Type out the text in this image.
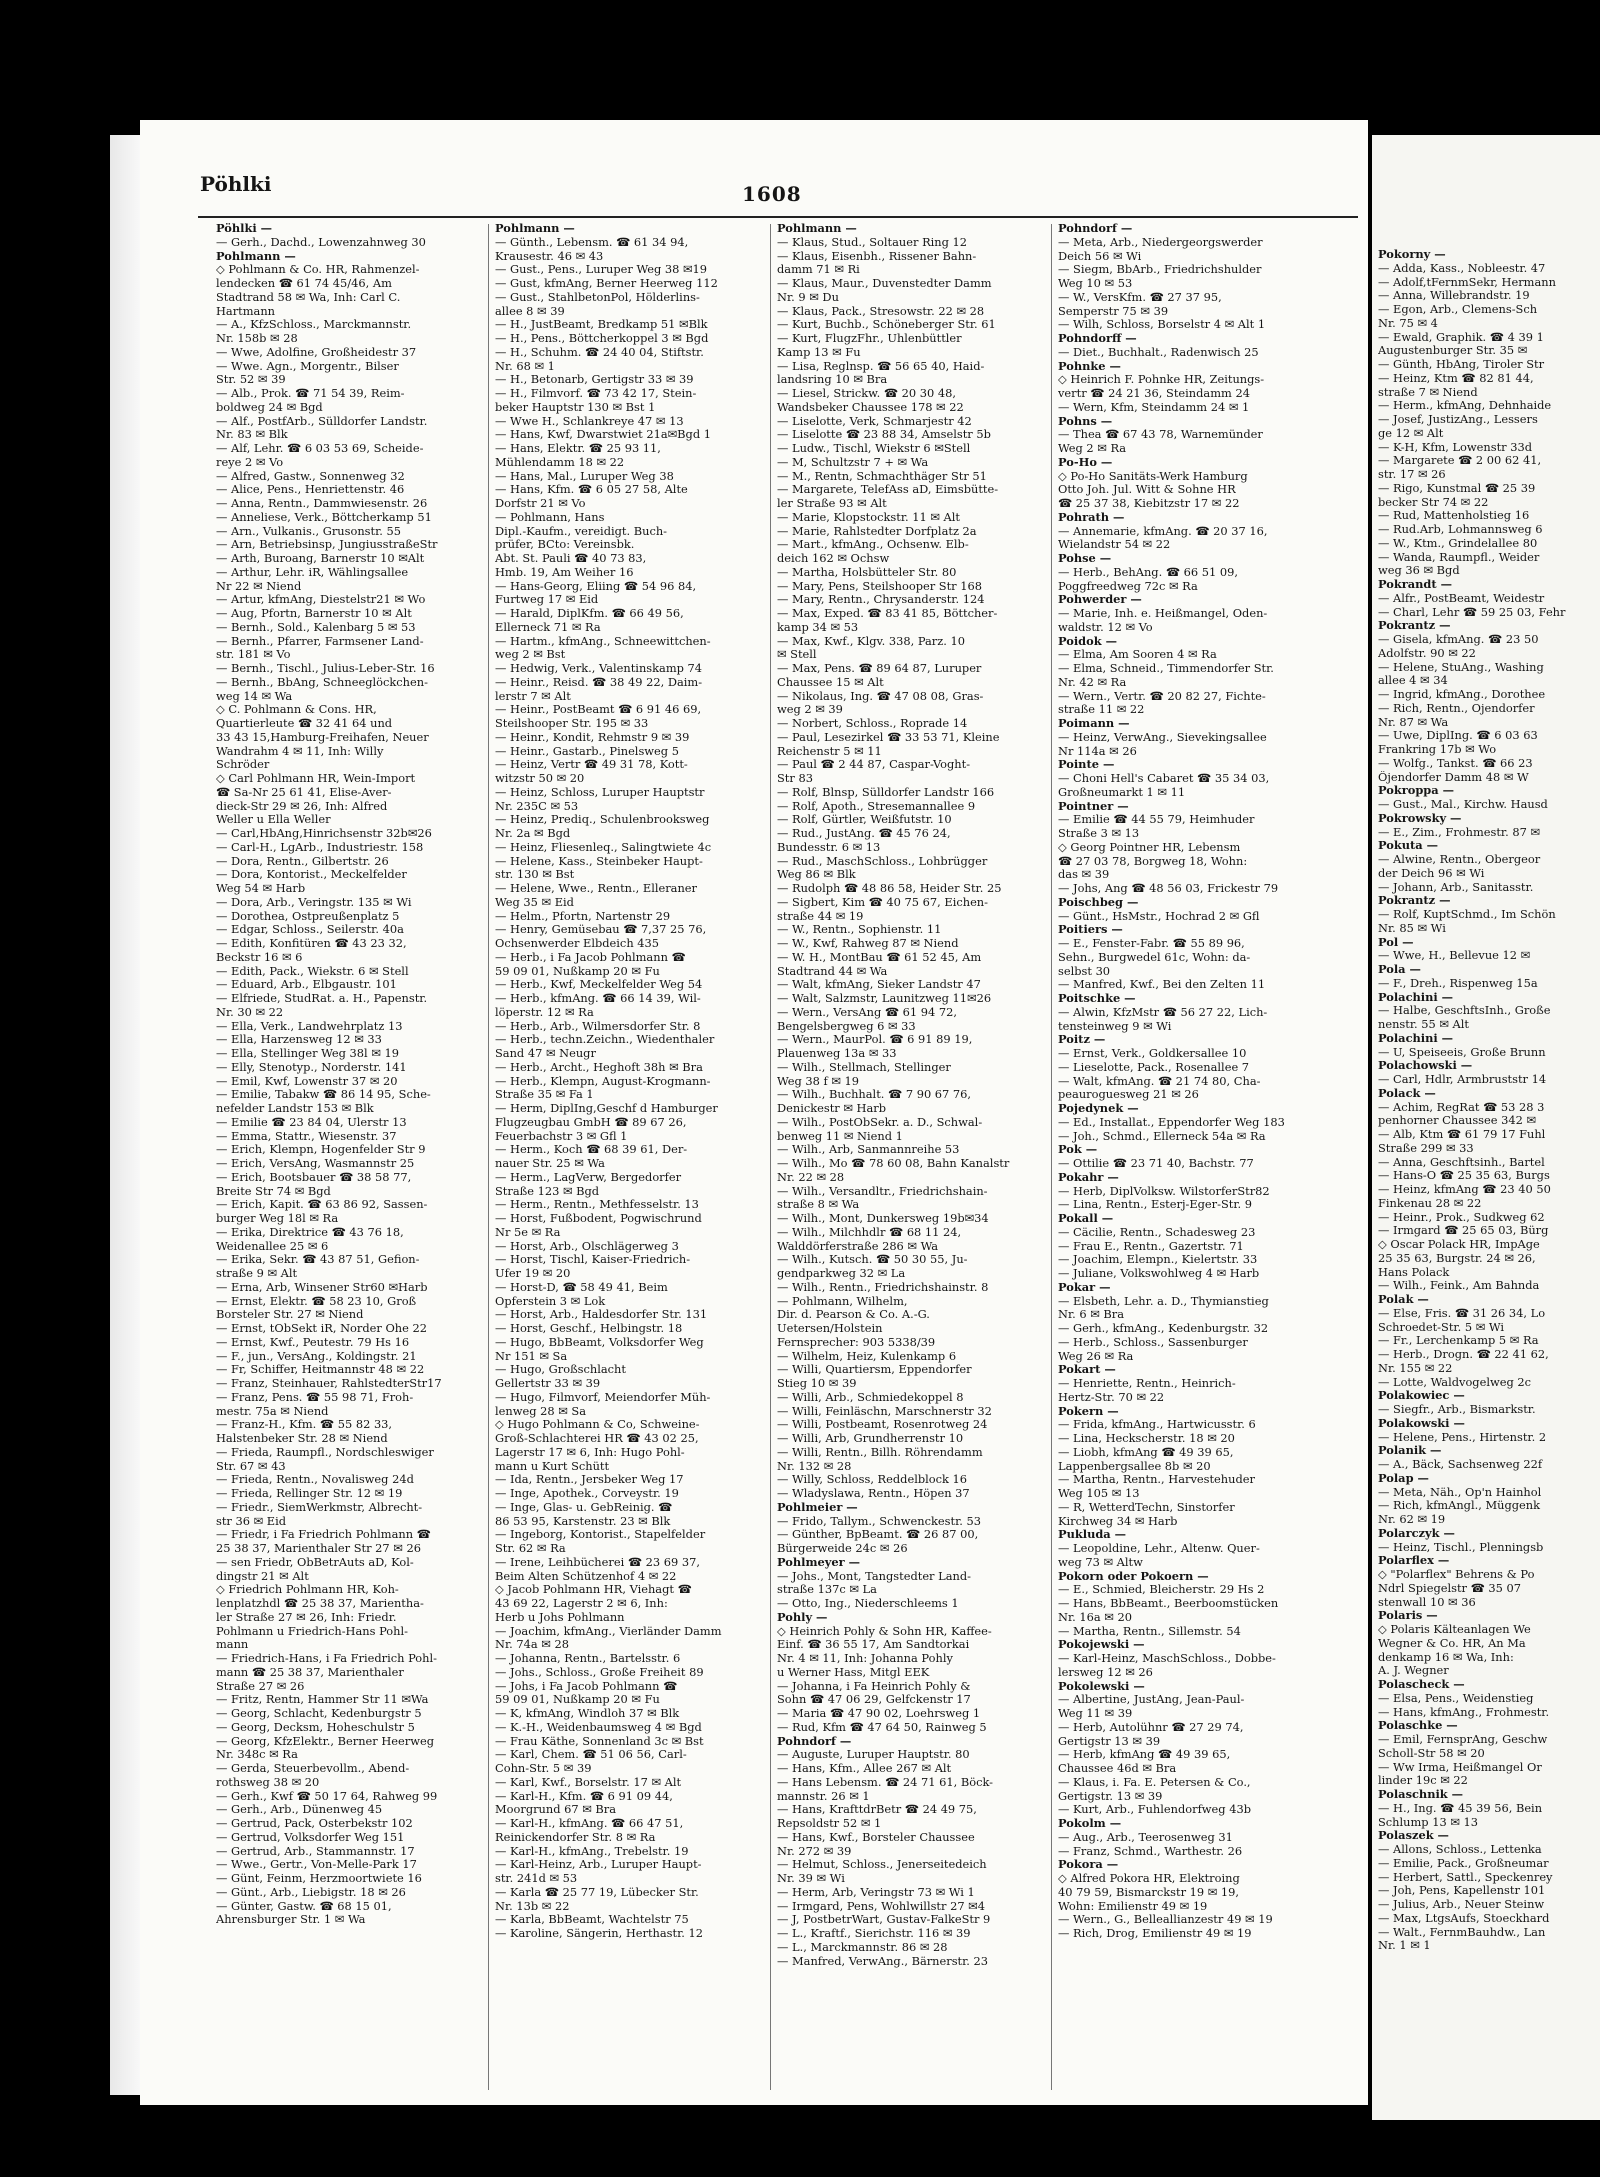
Pöhlki	1608

Pöhlki —

— Gerh., Dachd., Lowenzahnweg 30

Pohlmann —

◇ Pohlmann & Co. HR, Rahmenzel-

lendecken ☎ 61 74 45/46, Am

Stadtrand 58 ✉ Wa, Inh: Carl C.

Hartmann

— A., KfzSchloss., Marckmannstr.

Nr. 158b ✉ 28

— Wwe, Adolfine, Großheidestr 37

— Wwe. Agn., Morgentr., Bilser

Str. 52 ✉ 39

— Alb., Prok. ☎ 71 54 39, Reim-

boldweg 24 ✉ Bgd

— Alf., PostfArb., Sülldorfer Landstr.

Nr. 83 ✉ Blk

— Alf, Lehr. ☎ 6 03 53 69, Scheide-

reye 2 ✉ Vo

— Alfred, Gastw., Sonnenweg 32

— Alice, Pens., Henriettenstr. 46

— Anna, Rentn., Dammwiesenstr. 26

— Anneliese, Verk., Böttcherkamp 51

— Arn., Vulkanis., Grusonstr. 55

— Arn, Betriebsinsp, JungiusstraßeStr

— Arth, Buroang, Barnerstr 10 ✉Alt

— Arthur, Lehr. iR, Wählingsallee

Nr 22 ✉ Niend

— Artur, kfmAng, Diestelstr21 ✉ Wo

— Aug, Pfortn, Barnerstr 10 ✉ Alt

— Bernh., Sold., Kalenbarg 5 ✉ 53

— Bernh., Pfarrer, Farmsener Land-

str. 181 ✉ Vo

— Bernh., Tischl., Julius-Leber-Str. 16

— Bernh., BbAng, Schneeglöckchen-

weg 14 ✉ Wa

◇ C. Pohlmann & Cons. HR,

Quartierleute ☎ 32 41 64 und

33 43 15,Hamburg-Freihafen, Neuer

Wandrahm 4 ✉ 11, Inh: Willy

Schröder

◇ Carl Pohlmann HR, Wein-Import

☎ Sa-Nr 25 61 41, Elise-Aver-

dieck-Str 29 ✉ 26, Inh: Alfred

Weller u Ella Weller

— Carl,HbAng,Hinrichsenstr 32b✉26

— Carl-H., LgArb., Industriestr. 158

— Dora, Rentn., Gilbertstr. 26

— Dora, Kontorist., Meckelfelder

Weg 54 ✉ Harb

— Dora, Arb., Veringstr. 135 ✉ Wi

— Dorothea, Ostpreußenplatz 5

— Edgar, Schloss., Seilerstr. 40a

— Edith, Konfitüren ☎ 43 23 32,

Beckstr 16 ✉ 6

— Edith, Pack., Wiekstr. 6 ✉ Stell

— Eduard, Arb., Elbgaustr. 101

— Elfriede, StudRat. a. H., Papenstr.

Nr. 30 ✉ 22

— Ella, Verk., Landwehrplatz 13

— Ella, Harzensweg 12 ✉ 33

— Ella, Stellinger Weg 38l ✉ 19

— Elly, Stenotyp., Norderstr. 141

— Emil, Kwf, Lowenstr 37 ✉ 20

— Emilie, Tabakw ☎ 86 14 95, Sche-

nefelder Landstr 153 ✉ Blk

— Emilie ☎ 23 84 04, Ulerstr 13

— Emma, Stattr., Wiesenstr. 37

— Erich, Klempn, Hogenfelder Str 9

— Erich, VersAng, Wasmannstr 25

— Erich, Bootsbauer ☎ 38 58 77,

Breite Str 74 ✉ Bgd

— Erich, Kapit. ☎ 63 86 92, Sassen-

burger Weg 18l ✉ Ra

— Erika, Direktrice ☎ 43 76 18,

Weidenallee 25 ✉ 6

— Erika, Sekr. ☎ 43 87 51, Gefion-

straße 9 ✉ Alt

— Erna, Arb, Winsener Str60 ✉Harb

— Ernst, Elektr. ☎ 58 23 10, Groß

Borsteler Str. 27 ✉ Niend

— Ernst, tObSekt iR, Norder Ohe 22

— Ernst, Kwf., Peutestr. 79 Hs 16

— F., jun., VersAng., Koldingstr. 21

— Fr, Schiffer, Heitmannstr 48 ✉ 22

— Franz, Steinhauer, RahlstedterStr17

— Franz, Pens. ☎ 55 98 71, Froh-

mestr. 75a ✉ Niend

— Franz-H., Kfm. ☎ 55 82 33,

Halstenbeker Str. 28 ✉ Niend

— Frieda, Raumpfl., Nordschleswiger

Str. 67 ✉ 43

— Frieda, Rentn., Novalisweg 24d

— Frieda, Rellinger Str. 12 ✉ 19

— Friedr., SiemWerkmstr, Albrecht-

str 36 ✉ Eid

— Friedr, i Fa Friedrich Pohlmann ☎

25 38 37, Marienthaler Str 27 ✉ 26

— sen Friedr, ObBetrAuts aD, Kol-

dingstr 21 ✉ Alt

◇ Friedrich Pohlmann HR, Koh-

lenplatzhdl ☎ 25 38 37, Marientha-

ler Straße 27 ✉ 26, Inh: Friedr.

Pohlmann u Friedrich-Hans Pohl-

mann

— Friedrich-Hans, i Fa Friedrich Pohl-

mann ☎ 25 38 37, Marienthaler

Straße 27 ✉ 26

— Fritz, Rentn, Hammer Str 11 ✉Wa

— Georg, Schlacht, Kedenburgstr 5

— Georg, Decksm, Hoheschulstr 5

— Georg, KfzElektr., Berner Heerweg

Nr. 348c ✉ Ra

— Gerda, Steuerbevollm., Abend-

rothsweg 38 ✉ 20

— Gerh., Kwf ☎ 50 17 64, Rahweg 99

— Gerh., Arb., Dünenweg 45

— Gertrud, Pack, Osterbekstr 102

— Gertrud, Volksdorfer Weg 151

— Gertrud, Arb., Stammannstr. 17

— Wwe., Gertr., Von-Melle-Park 17

— Günt, Feinm, Herzmoortwiete 16

— Günt., Arb., Liebigstr. 18 ✉ 26

— Günter, Gastw. ☎ 68 15 01,

Ahrensburger Str. 1 ✉ Wa

Pohlmann —

— Günth., Lebensm. ☎ 61 34 94,

Krausestr. 46 ✉ 43

— Gust., Pens., Luruper Weg 38 ✉19

— Gust, kfmAng, Berner Heerweg 112

— Gust., StahlbetonPol, Hölderlins-

allee 8 ✉ 39

— H., JustBeamt, Bredkamp 51 ✉Blk

— H., Pens., Böttcherkoppel 3 ✉ Bgd

— H., Schuhm. ☎ 24 40 04, Stiftstr.

Nr. 68 ✉ 1

— H., Betonarb, Gertigstr 33 ✉ 39

— H., Filmvorf. ☎ 73 42 17, Stein-

beker Hauptstr 130 ✉ Bst 1

— Wwe H., Schlankreye 47 ✉ 13

— Hans, Kwf, Dwarstwiet 21a✉Bgd 1

— Hans, Elektr. ☎ 25 93 11,

Mühlendamm 18 ✉ 22

— Hans, Mal., Luruper Weg 38

— Hans, Kfm. ☎ 6 05 27 58, Alte

Dorfstr 21 ✉ Vo

— Pohlmann, Hans

Dipl.-Kaufm., vereidigt. Buch-

prüfer, BCto: Vereinsbk.

Abt. St. Pauli ☎ 40 73 83,

Hmb. 19, Am Weiher 16

— Hans-Georg, Eliing ☎ 54 96 84,

Furtweg 17 ✉ Eid

— Harald, DiplKfm. ☎ 66 49 56,

Ellerneck 71 ✉ Ra

— Hartm., kfmAng., Schneewittchen-

weg 2 ✉ Bst

— Hedwig, Verk., Valentinskamp 74

— Heinr., Reisd. ☎ 38 49 22, Daim-

lerstr 7 ✉ Alt

— Heinr., PostBeamt ☎ 6 91 46 69,

Steilshooper Str. 195 ✉ 33

— Heinr., Kondit, Rehmstr 9 ✉ 39

— Heinr., Gastarb., Pinelsweg 5

— Heinz, Vertr ☎ 49 31 78, Kott-

witzstr 50 ✉ 20

— Heinz, Schloss, Luruper Hauptstr

Nr. 235C ✉ 53

— Heinz, Prediq., Schulenbrooksweg

Nr. 2a ✉ Bgd

— Heinz, Fliesenleq., Salingtwiete 4c

— Helene, Kass., Steinbeker Haupt-

str. 130 ✉ Bst

— Helene, Wwe., Rentn., Elleraner

Weg 35 ✉ Eid

— Helm., Pfortn, Nartenstr 29

— Henry, Gemüsebau ☎ 7,37 25 76,

Ochsenwerder Elbdeich 435

— Herb., i Fa Jacob Pohlmann ☎

59 09 01, Nußkamp 20 ✉ Fu

— Herb., Kwf, Meckelfelder Weg 54

— Herb., kfmAng. ☎ 66 14 39, Wil-

löperstr. 12 ✉ Ra

— Herb., Arb., Wilmersdorfer Str. 8

— Herb., techn.Zeichn., Wiedenthaler

Sand 47 ✉ Neugr

— Herb., Archt., Heghoft 38h ✉ Bra

— Herb., Klempn, August-Krogmann-

Straße 35 ✉ Fa 1

— Herm, DiplIng,Geschf d Hamburger

Flugzeugbau GmbH ☎ 89 67 26,

Feuerbachstr 3 ✉ Gfl 1

— Herm., Koch ☎ 68 39 61, Der-

nauer Str. 25 ✉ Wa

— Herm., LagVerw, Bergedorfer

Straße 123 ✉ Bgd

— Herm., Rentn., Methfesselstr. 13

— Horst, Fußbodent, Pogwischrund

Nr 5e ✉ Ra

— Horst, Arb., Olschlägerweg 3

— Horst, Tischl, Kaiser-Friedrich-

Ufer 19 ✉ 20

— Horst-D, ☎ 58 49 41, Beim

Opferstein 3 ✉ Lok

— Horst, Arb., Haldesdorfer Str. 131

— Horst, Geschf., Helbingstr. 18

— Hugo, BbBeamt, Volksdorfer Weg

Nr 151 ✉ Sa

— Hugo, Großschlacht

Gellertstr 33 ✉ 39

— Hugo, Filmvorf, Meiendorfer Müh-

lenweg 28 ✉ Sa

◇ Hugo Pohlmann & Co, Schweine-

Groß-Schlachterei HR ☎ 43 02 25,

Lagerstr 17 ✉ 6, Inh: Hugo Pohl-

mann u Kurt Schütt

— Ida, Rentn., Jersbeker Weg 17

— Inge, Apothek., Corveystr. 19

— Inge, Glas- u. GebReinig. ☎

86 53 95, Karstenstr. 23 ✉ Blk

— Ingeborg, Kontorist., Stapelfelder

Str. 62 ✉ Ra

— Irene, Leihbücherei ☎ 23 69 37,

Beim Alten Schützenhof 4 ✉ 22

◇ Jacob Pohlmann HR, Viehagt ☎

43 69 22, Lagerstr 2 ✉ 6, Inh:

Herb u Johs Pohlmann

— Joachim, kfmAng., Vierländer Damm

Nr. 74a ✉ 28

— Johanna, Rentn., Bartelsstr. 6

— Johs., Schloss., Große Freiheit 89

— Johs, i Fa Jacob Pohlmann ☎

59 09 01, Nußkamp 20 ✉ Fu

— K, kfmAng, Windloh 37 ✉ Blk

— K.-H., Weidenbaumsweg 4 ✉ Bgd

— Frau Käthe, Sonnenland 3c ✉ Bst

— Karl, Chem. ☎ 51 06 56, Carl-

Cohn-Str. 5 ✉ 39

— Karl, Kwf., Borselstr. 17 ✉ Alt

— Karl-H., Kfm. ☎ 6 91 09 44,

Moorgrund 67 ✉ Bra

— Karl-H., kfmAng. ☎ 66 47 51,

Reinickendorfer Str. 8 ✉ Ra

— Karl-H., kfmAng., Trebelstr. 19

— Karl-Heinz, Arb., Luruper Haupt-

str. 241d ✉ 53

— Karla ☎ 25 77 19, Lübecker Str.

Nr. 13b ✉ 22

— Karla, BbBeamt, Wachtelstr 75

— Karoline, Sängerin, Herthastr. 12

Pohlmann —

— Klaus, Stud., Soltauer Ring 12

— Klaus, Eisenbh., Rissener Bahn-

damm 71 ✉ Ri

— Klaus, Maur., Duvenstedter Damm

Nr. 9 ✉ Du

— Klaus, Pack., Stresowstr. 22 ✉ 28

— Kurt, Buchb., Schöneberger Str. 61

— Kurt, FlugzFhr., Uhlenbüttler

Kamp 13 ✉ Fu

— Lisa, Reglnsp. ☎ 56 65 40, Haid-

landsring 10 ✉ Bra

— Liesel, Strickw. ☎ 20 30 48,

Wandsbeker Chaussee 178 ✉ 22

— Liselotte, Verk, Schmarjestr 42

— Liselotte ☎ 23 88 34, Amselstr 5b

— Ludw., Tischl, Wiekstr 6 ✉Stell

— M, Schultzstr 7 + ✉ Wa

— M., Rentn, Schmachthäger Str 51

— Margarete, TelefAss aD, Eimsbütte-

ler Straße 93 ✉ Alt

— Marie, Klopstockstr. 11 ✉ Alt

— Marie, Rahlstedter Dorfplatz 2a

— Mart., kfmAng., Ochsenw. Elb-

deich 162 ✉ Ochsw

— Martha, Holsbütteler Str. 80

— Mary, Pens, Steilshooper Str 168

— Mary, Rentn., Chrysanderstr. 124

— Max, Exped. ☎ 83 41 85, Böttcher-

kamp 34 ✉ 53

— Max, Kwf., Klgv. 338, Parz. 10

✉ Stell

— Max, Pens. ☎ 89 64 87, Luruper

Chaussee 15 ✉ Alt

— Nikolaus, Ing. ☎ 47 08 08, Gras-

weg 2 ✉ 39

— Norbert, Schloss., Roprade 14

— Paul, Lesezirkel ☎ 33 53 71, Kleine

Reichenstr 5 ✉ 11

— Paul ☎ 2 44 87, Caspar-Voght-

Str 83

— Rolf, Blnsp, Sülldorfer Landstr 166

— Rolf, Apoth., Stresemannallee 9

— Rolf, Gürtler, Weißfutstr. 10

— Rud., JustAng. ☎ 45 76 24,

Bundesstr. 6 ✉ 13

— Rud., MaschSchloss., Lohbrügger

Weg 86 ✉ Blk

— Rudolph ☎ 48 86 58, Heider Str. 25

— Sigbert, Kim ☎ 40 75 67, Eichen-

straße 44 ✉ 19

— W., Rentn., Sophienstr. 11

— W., Kwf, Rahweg 87 ✉ Niend

— W. H., MontBau ☎ 61 52 45, Am

Stadtrand 44 ✉ Wa

— Walt, kfmAng, Sieker Landstr 47

— Walt, Salzmstr, Launitzweg 11✉26

— Wern., VersAng ☎ 61 94 72,

Bengelsbergweg 6 ✉ 33

— Wern., MaurPol. ☎ 6 91 89 19,

Plauenweg 13a ✉ 33

— Wilh., Stellmach, Stellinger

Weg 38 f ✉ 19

— Wilh., Buchhalt. ☎ 7 90 67 76,

Denickestr ✉ Harb

— Wilh., PostObSekr. a. D., Schwal-

benweg 11 ✉ Niend 1

— Wilh., Arb, Sanmannreihe 53

— Wilh., Mo ☎ 78 60 08, Bahn Kanalstr

Nr. 22 ✉ 28

— Wilh., Versandltr., Friedrichshain-

straße 8 ✉ Wa

— Wilh., Mont, Dunkersweg 19b✉34

— Wilh., Milchhdlr ☎ 68 11 24,

Walddörferstraße 286 ✉ Wa

— Wilh., Kutsch. ☎ 50 30 55, Ju-

gendparkweg 32 ✉ La

— Wilh., Rentn., Friedrichshainstr. 8

— Pohlmann, Wilhelm,

Dir. d. Pearson & Co. A.-G.

Uetersen/Holstein

Fernsprecher: 903 5338/39

— Wilhelm, Heiz, Kulenkamp 6

— Willi, Quartiersm, Eppendorfer

Stieg 10 ✉ 39

— Willi, Arb., Schmiedekoppel 8

— Willi, Feinläschn, Marschnerstr 32

— Willi, Postbeamt, Rosenrotweg 24

— Willi, Arb, Grundherrenstr 10

— Willi, Rentn., Billh. Röhrendamm

Nr. 132 ✉ 28

— Willy, Schloss, Reddelblock 16

— Wladyslawa, Rentn., Höpen 37

Pohlmeier —

— Frido, Tallym., Schwenckestr. 53

— Günther, BpBeamt. ☎ 26 87 00,

Bürgerweide 24c ✉ 26

Pohlmeyer —

— Johs., Mont, Tangstedter Land-

straße 137c ✉ La

— Otto, Ing., Niederschleems 1

Pohly —

◇ Heinrich Pohly & Sohn HR, Kaffee-

Einf. ☎ 36 55 17, Am Sandtorkai

Nr. 4 ✉ 11, Inh: Johanna Pohly

u Werner Hass, Mitgl EEK

— Johanna, i Fa Heinrich Pohly &

Sohn ☎ 47 06 29, Gelfckenstr 17

— Maria ☎ 47 90 02, Loehrsweg 1

— Rud, Kfm ☎ 47 64 50, Rainweg 5

Pohndorf —

— Auguste, Luruper Hauptstr. 80

— Hans, Kfm., Allee 267 ✉ Alt

— Hans Lebensm. ☎ 24 71 61, Böck-

mannstr. 26 ✉ 1

— Hans, KrafttdrBetr ☎ 24 49 75,

Repsoldstr 52 ✉ 1

— Hans, Kwf., Borsteler Chaussee

Nr. 272 ✉ 39

— Helmut, Schloss., Jenerseitedeich

Nr. 39 ✉ Wi

— Herm, Arb, Veringstr 73 ✉ Wi 1

— Irmgard, Pens, Wohlwillstr 27 ✉4

— J, PostbetrWart, Gustav-FalkeStr 9

— L., Kraftf., Sierichstr. 116 ✉ 39

— L., Marckmannstr. 86 ✉ 28

— Manfred, VerwAng., Bärnerstr. 23

Pohndorf —

— Meta, Arb., Niedergeorgswerder

Deich 56 ✉ Wi

— Siegm, BbArb., Friedrichshulder

Weg 10 ✉ 53

— W., VersKfm. ☎ 27 37 95,

Semperstr 75 ✉ 39

— Wilh, Schloss, Borselstr 4 ✉ Alt 1

Pohndorff —

— Diet., Buchhalt., Radenwisch 25

Pohnke —

◇ Heinrich F. Pohnke HR, Zeitungs-

vertr ☎ 24 21 36, Steindamm 24

— Wern, Kfm, Steindamm 24 ✉ 1

Pohns —

— Thea ☎ 67 43 78, Warnemünder

Weg 2 ✉ Ra

Po-Ho —

◇ Po-Ho Sanitäts-Werk Hamburg

Otto Joh. Jul. Witt & Sohne HR

☎ 25 37 38, Kiebitzstr 17 ✉ 22

Pohrath —

— Annemarie, kfmAng. ☎ 20 37 16,

Wielandstr 54 ✉ 22

Pohse —

— Herb., BehAng. ☎ 66 51 09,

Poggfreedweg 72c ✉ Ra

Pohwerder —

— Marie, Inh. e. Heißmangel, Oden-

waldstr. 12 ✉ Vo

Poidok —

— Elma, Am Sooren 4 ✉ Ra

— Elma, Schneid., Timmendorfer Str.

Nr. 42 ✉ Ra

— Wern., Vertr. ☎ 20 82 27, Fichte-

straße 11 ✉ 22

Poimann —

— Heinz, VerwAng., Sievekingsallee

Nr 114a ✉ 26

Pointe —

— Choni Hell's Cabaret ☎ 35 34 03,

Großneumarkt 1 ✉ 11

Pointner —

— Emilie ☎ 44 55 79, Heimhuder

Straße 3 ✉ 13

◇ Georg Pointner HR, Lebensm

☎ 27 03 78, Borgweg 18, Wohn:

das ✉ 39

— Johs, Ang ☎ 48 56 03, Frickestr 79

Poischbeg —

— Günt., HsMstr., Hochrad 2 ✉ Gfl

Poitiers —

— E., Fenster-Fabr. ☎ 55 89 96,

Sehn., Burgwedel 61c, Wohn: da-

selbst 30

— Manfred, Kwf., Bei den Zelten 11

Poitschke —

— Alwin, KfzMstr ☎ 56 27 22, Lich-

tensteinweg 9 ✉ Wi

Poitz —

— Ernst, Verk., Goldkersallee 10

— Lieselotte, Pack., Rosenallee 7

— Walt, kfmAng. ☎ 21 74 80, Cha-

peauroguesweg 21 ✉ 26

Pojedynek —

— Ed., Installat., Eppendorfer Weg 183

— Joh., Schmd., Ellerneck 54a ✉ Ra

Pok —

— Ottilie ☎ 23 71 40, Bachstr. 77

Pokahr —

— Herb, DiplVolksw. WilstorferStr82

— Lina, Rentn., Esterj-Eger-Str. 9

Pokall —

— Cäcilie, Rentn., Schadesweg 23

— Frau E., Rentn., Gazertstr. 71

— Joachim, Elempn., Kielertstr. 33

— Juliane, Volkswohlweg 4 ✉ Harb

Pokar —

— Elsbeth, Lehr. a. D., Thymianstieg

Nr. 6 ✉ Bra

— Gerh., kfmAng., Kedenburgstr. 32

— Herb., Schloss., Sassenburger

Weg 26 ✉ Ra

Pokart —

— Henriette, Rentn., Heinrich-

Hertz-Str. 70 ✉ 22

Pokern —

— Frida, kfmAng., Hartwicusstr. 6

— Lina, Heckscherstr. 18 ✉ 20

— Liobh, kfmAng ☎ 49 39 65,

Lappenbergsallee 8b ✉ 20

— Martha, Rentn., Harvestehuder

Weg 105 ✉ 13

— R, WetterdTechn, Sinstorfer

Kirchweg 34 ✉ Harb

Pukluda —

— Leopoldine, Lehr., Altenw. Quer-

weg 73 ✉ Altw

Pokorn oder Pokoern —

— E., Schmied, Bleicherstr. 29 Hs 2

— Hans, BbBeamt., Beerboomstücken

Nr. 16a ✉ 20

— Martha, Rentn., Sillemstr. 54

Pokojewski —

— Karl-Heinz, MaschSchloss., Dobbe-

lersweg 12 ✉ 26

Pokolewski —

— Albertine, JustAng, Jean-Paul-

Weg 11 ✉ 39

— Herb, Autolühnr ☎ 27 29 74,

Gertigstr 13 ✉ 39

— Herb, kfmAng ☎ 49 39 65,

Chaussee 46d ✉ Bra

— Klaus, i. Fa. E. Petersen & Co.,

Gertigstr. 13 ✉ 39

— Kurt, Arb., Fuhlendorfweg 43b

Pokolm —

— Aug., Arb., Teerosenweg 31

— Franz, Schmd., Warthestr. 26

Pokora —

◇ Alfred Pokora HR, Elektroing

40 79 59, Bismarckstr 19 ✉ 19,

Wohn: Emilienstr 49 ✉ 19

— Wern., G., Belleallianzestr 49 ✉ 19

— Rich, Drog, Emilienstr 49 ✉ 19

Pokorny —

— Adda, Kass., Nobleestr. 47

— Adolf,tFernmSekr, Hermann

— Anna, Willebrandstr. 19

— Egon, Arb., Clemens-Sch

Nr. 75 ✉ 4

— Ewald, Graphik. ☎ 4 39 1

Augustenburger Str. 35 ✉

— Günth, HbAng, Tiroler Str

— Heinz, Ktm ☎ 82 81 44,

straße 7 ✉ Niend

— Herm., kfmAng, Dehnhaide

— Josef, JustizAng., Lessers

ge 12 ✉ Alt

— K-H, Kfm, Lowenstr 33d

— Margarete ☎ 2 00 62 41,

str. 17 ✉ 26

— Rigo, Kunstmal ☎ 25 39

becker Str 74 ✉ 22

— Rud, Mattenholstieg 16

— Rud.Arb, Lohmannsweg 6

— W., Ktm., Grindelallee 80

— Wanda, Raumpfl., Weider

weg 36 ✉ Bgd

Pokrandt —

— Alfr., PostBeamt, Weidestr

— Charl, Lehr ☎ 59 25 03, Fehr

Pokrantz —

— Gisela, kfmAng. ☎ 23 50

Adolfstr. 90 ✉ 22

— Helene, StuAng., Washing

allee 4 ✉ 34

— Ingrid, kfmAng., Dorothee

— Rich, Rentn., Ojendorfer

Nr. 87 ✉ Wa

— Uwe, DiplIng. ☎ 6 03 63

Frankring 17b ✉ Wo

— Wolfg., Tankst. ☎ 66 23

Öjendorfer Damm 48 ✉ W

Pokroppa —

— Gust., Mal., Kirchw. Hausd

Pokrowsky —

— E., Zim., Frohmestr. 87 ✉

Pokuta —

— Alwine, Rentn., Obergeor

der Deich 96 ✉ Wi

— Johann, Arb., Sanitasstr.

Pokrantz —

— Rolf, KuptSchmd., Im Schön

Nr. 85 ✉ Wi

Pol —

— Wwe, H., Bellevue 12 ✉

Pola —

— F., Dreh., Rispenweg 15a

Polachini —

— Halbe, GeschftsInh., Große

nenstr. 55 ✉ Alt

Polachini —

— U, Speiseeis, Große Brunn

Polachowski —

— Carl, Hdlr, Armbruststr 14

Polack —

— Achim, RegRat ☎ 53 28 3

penhorner Chaussee 342 ✉

— Alb, Ktm ☎ 61 79 17 Fuhl

Straße 299 ✉ 33

— Anna, Geschftsinh., Bartel

— Hans-O ☎ 25 35 63, Burgs

— Heinz, kfmAng ☎ 23 40 50

Finkenau 28 ✉ 22

— Heinr., Prok., Sudkweg 62

— Irmgard ☎ 25 65 03, Bürg

◇ Oscar Polack HR, ImpAge

25 35 63, Burgstr. 24 ✉ 26,

Hans Polack

— Wilh., Feink., Am Bahnda

Polak —

— Else, Fris. ☎ 31 26 34, Lo

Schroedet-Str. 5 ✉ Wi

— Fr., Lerchenkamp 5 ✉ Ra

— Herb., Drogn. ☎ 22 41 62,

Nr. 155 ✉ 22

— Lotte, Waldvogelweg 2c

Polakowiec —

— Siegfr., Arb., Bismarkstr.

Polakowski —

— Helene, Pens., Hirtenstr. 2

Polanik —

— A., Bäck, Sachsenweg 22f

Polap —

— Meta, Näh., Op'n Hainhol

— Rich, kfmAngl., Müggenk

Nr. 62 ✉ 19

Polarczyk —

— Heinz, Tischl., Plenningsb

Polarflex —

◇ "Polarflex" Behrens & Po

Ndrl Spiegelstr ☎ 35 07

stenwall 10 ✉ 36

Polaris —

◇ Polaris Kälteanlagen We

Wegner & Co. HR, An Ma

denkamp 16 ✉ Wa, Inh:

A. J. Wegner

Polascheck —

— Elsa, Pens., Weidenstieg

— Hans, kfmAng., Frohmestr.

Polaschke —

— Emil, FernsprAng, Geschw

Scholl-Str 58 ✉ 20

— Ww Irma, Heißmangel Or

linder 19c ✉ 22

Polaschnik —

— H., Ing. ☎ 45 39 56, Bein

Schlump 13 ✉ 13

Polaszek —

— Allons, Schloss., Lettenka

— Emilie, Pack., Großneumar

— Herbert, Sattl., Speckenrey

— Joh, Pens, Kapellenstr 101

— Julius, Arb., Neuer Steinw

— Max, LtgsAufs, Stoeckhard

— Walt., FernmBauhdw., Lan

Nr. 1 ✉ 1
